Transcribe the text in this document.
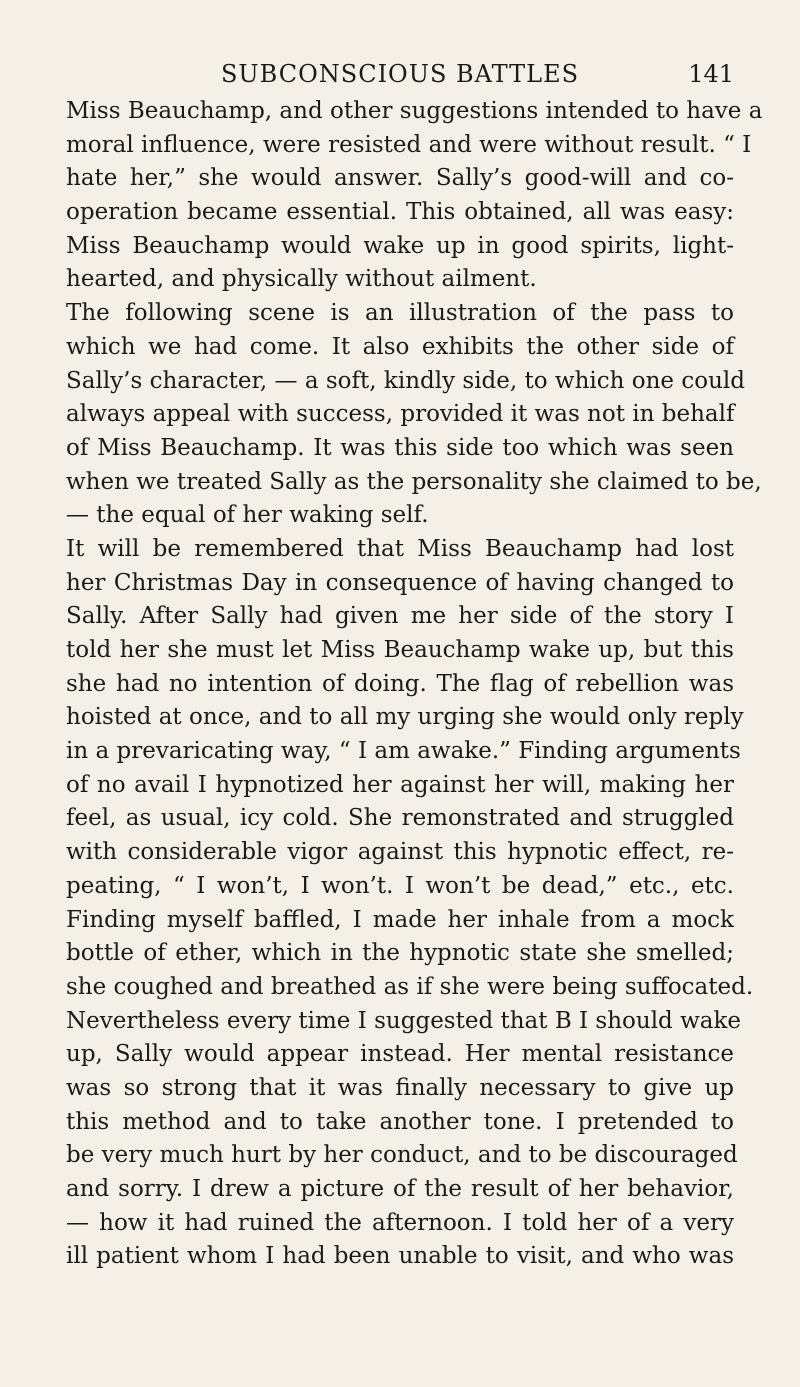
SUBCONSCIOUS BATTLES	141
Miss Beauchamp, and other suggestions intended to have a
moral influence, were resisted and were without result. “ I
hate her,” she would answer. Sally’s good-will and co-
operation became essential. This obtained, all was easy:
Miss Beauchamp would wake up in good spirits, light-
hearted, and physically without ailment.
The following scene is an illustration of the pass to
which we had come. It also exhibits the other side of
Sally’s character, — a soft, kindly side, to which one could
always appeal with success, provided it was not in behalf
of Miss Beauchamp. It was this side too which was seen
when we treated Sally as the personality she claimed to be,
— the equal of her waking self.
It will be remembered that Miss Beauchamp had lost
her Christmas Day in consequence of having changed to
Sally. After Sally had given me her side of the story I
told her she must let Miss Beauchamp wake up, but this
she had no intention of doing. The flag of rebellion was
hoisted at once, and to all my urging she would only reply
in a prevaricating way, “ I am awake.” Finding arguments
of no avail I hypnotized her against her will, making her
feel, as usual, icy cold. She remonstrated and struggled
with considerable vigor against this hypnotic effect, re-
peating, “ I won’t, I won’t. I won’t be dead,” etc., etc.
Finding myself baffled, I made her inhale from a mock
bottle of ether, which in the hypnotic state she smelled;
she coughed and breathed as if she were being suffocated.
Nevertheless every time I suggested that B I should wake
up, Sally would appear instead. Her mental resistance
was so strong that it was finally necessary to give up
this method and to take another tone. I pretended to
be very much hurt by her conduct, and to be discouraged
and sorry. I drew a picture of the result of her behavior,
— how it had ruined the afternoon. I told her of a very
ill patient whom I had been unable to visit, and who was
